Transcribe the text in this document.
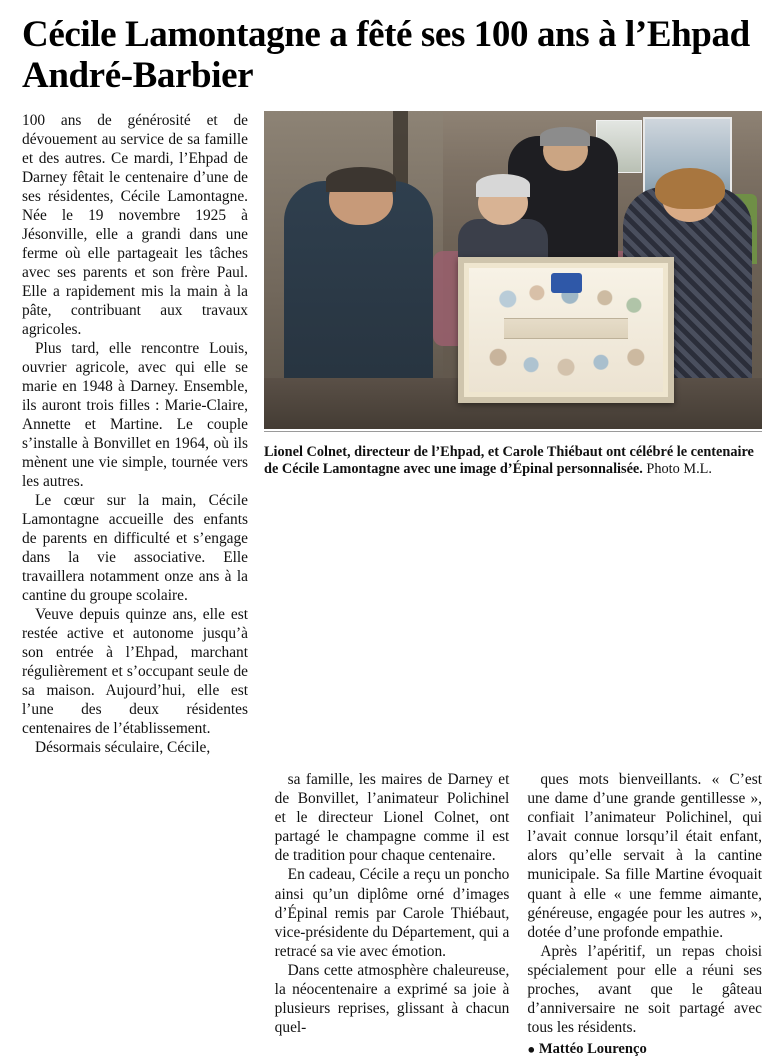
Cécile Lamontagne a fêté ses 100 ans à l’Ehpad André-Barbier

100 ans de générosité et de dévouement au service de sa famille et des autres. Ce mardi, l’Ehpad de Darney fêtait le centenaire d’une de ses résidentes, Cécile Lamontagne. Née le 19 novembre 1925 à Jésonville, elle a grandi dans une ferme où elle partageait les tâches avec ses parents et son frère Paul. Elle a rapidement mis la main à la pâte, contribuant aux travaux agricoles.

Plus tard, elle rencontre Louis, ouvrier agricole, avec qui elle se marie en 1948 à Darney. Ensemble, ils auront trois filles : Marie-Claire, Annette et Martine. Le couple s’installe à Bonvillet en 1964, où ils mènent une vie simple, tournée vers les autres.

Le cœur sur la main, Cécile Lamontagne accueille des enfants de parents en difficulté et s’engage dans la vie associative. Elle travaillera notamment onze ans à la cantine du groupe scolaire.

Veuve depuis quinze ans, elle est restée active et autonome jusqu’à son entrée à l’Ehpad, marchant régulièrement et s’occupant seule de sa maison. Aujourd’hui, elle est l’une des deux résidentes centenaires de l’établissement.

Désormais séculaire, Cécile,

Lionel Colnet, directeur de l’Ehpad, et Carole Thiébaut ont célébré le centenaire de Cécile Lamontagne avec une image d’Épinal personnalisée. Photo M.L.

sa famille, les maires de Darney et de Bonvillet, l’animateur Polichinel et le directeur Lionel Colnet, ont partagé le champagne comme il est de tradition pour chaque centenaire.

En cadeau, Cécile a reçu un poncho ainsi qu’un diplôme orné d’images d’Épinal remis par Carole Thiébaut, vice-présidente du Département, qui a retracé sa vie avec émotion.

Dans cette atmosphère chaleureuse, la néocentenaire a exprimé sa joie à plusieurs reprises, glissant à chacun quel-

ques mots bienveillants. « C’est une dame d’une grande gentillesse », confiait l’animateur Polichinel, qui l’avait connue lorsqu’il était enfant, alors qu’elle servait à la cantine municipale. Sa fille Martine évoquait quant à elle « une femme aimante, généreuse, engagée pour les autres », dotée d’une profonde empathie.

Après l’apéritif, un repas choisi spécialement pour elle a réuni ses proches, avant que le gâteau d’anniversaire ne soit partagé avec tous les résidents.

● Mattéo Lourenço
